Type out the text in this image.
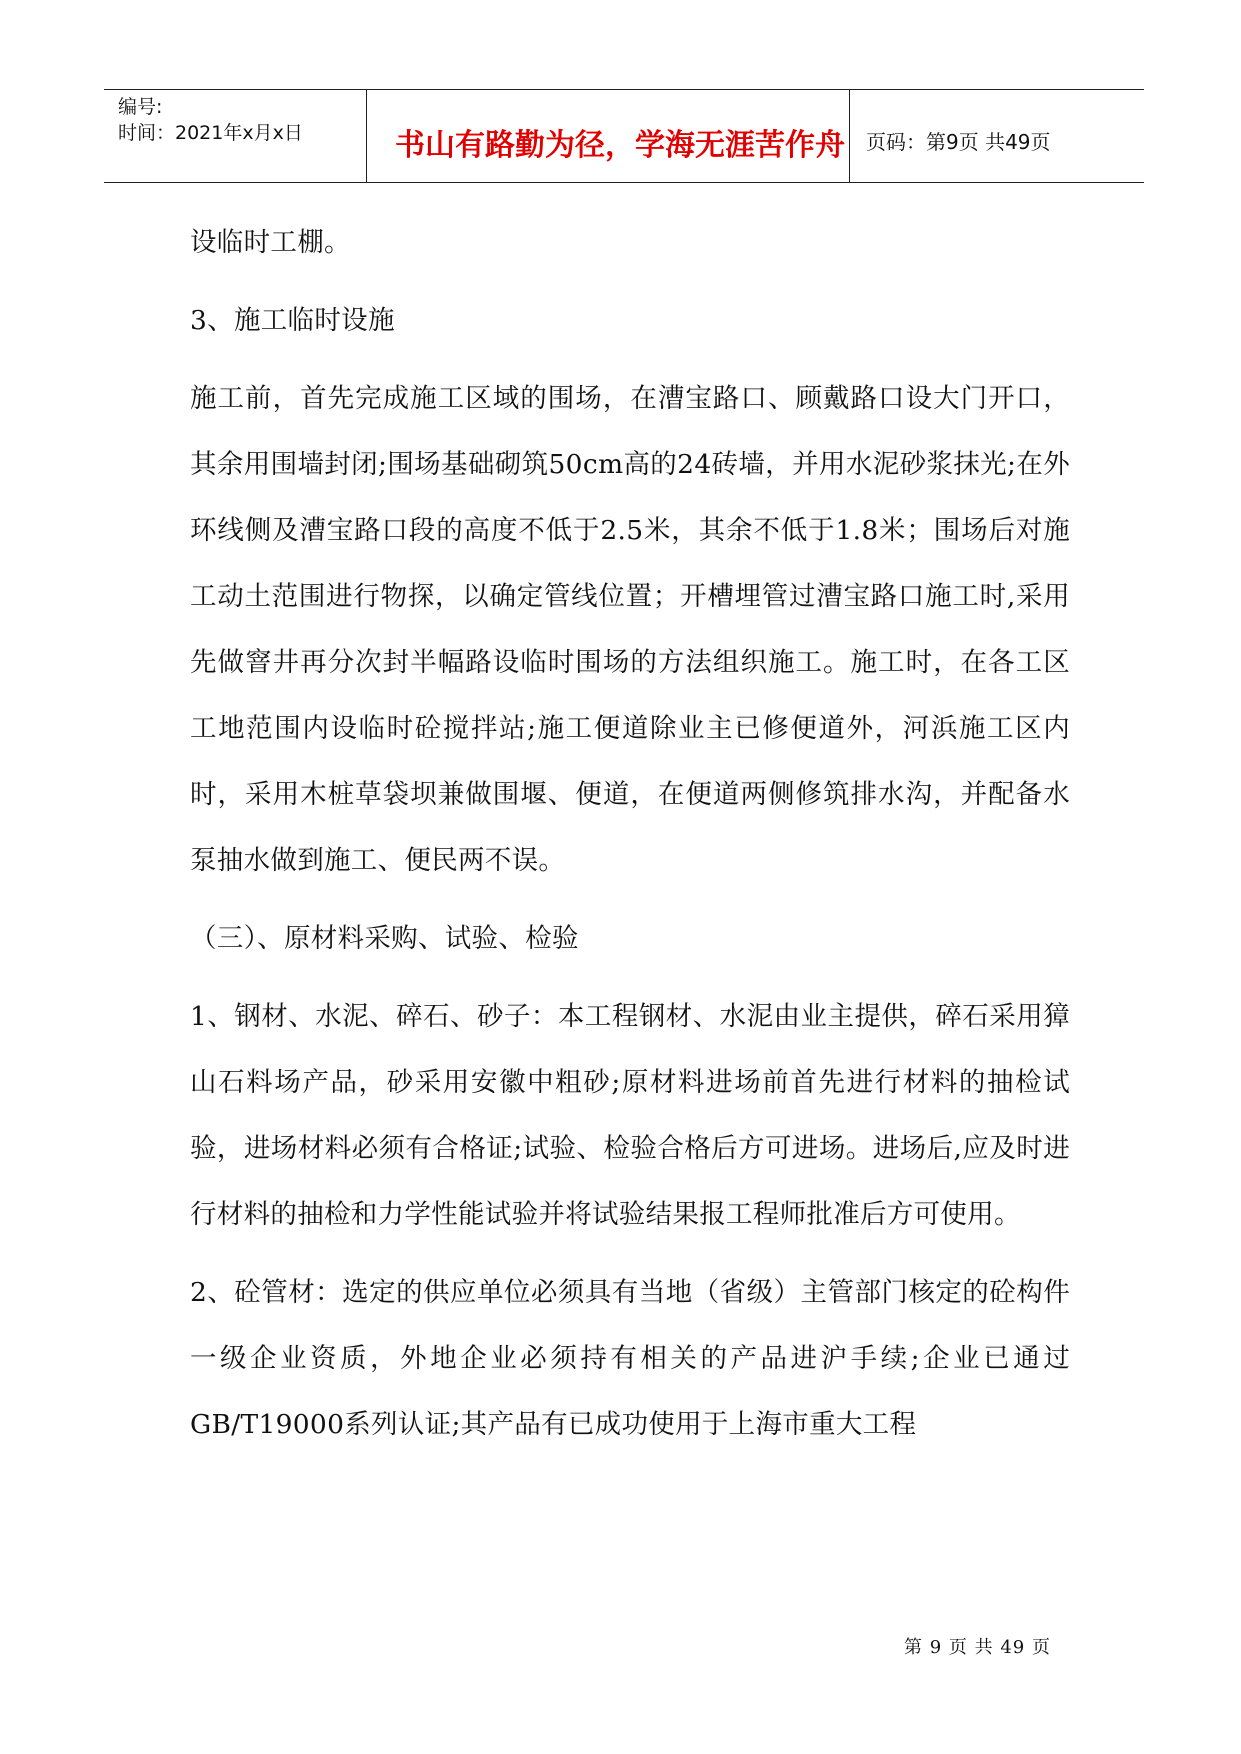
编号:
时间：2021年x月x日	书山有路勤为径，学海无涯苦作舟 页码：第9页 共49页

设临时工棚。

3、施工临时设施

施工前，首先完成施工区域的围场，在漕宝路口、顾戴路口设大门开口，其余用围墙封闭;围场基础砌筑50cm高的24砖墙，并用水泥砂浆抹光;在外环线侧及漕宝路口段的高度不低于2.5米，其余不低于1.8米；围场后对施工动土范围进行物探，以确定管线位置；开槽埋管过漕宝路口施工时,采用先做窨井再分次封半幅路设临时围场的方法组织施工。施工时，在各工区工地范围内设临时砼搅拌站;施工便道除业主已修便道外，河浜施工区内时，采用木桩草袋坝兼做围堰、便道，在便道两侧修筑排水沟，并配备水泵抽水做到施工、便民两不误。

（三）、原材料采购、试验、检验

1、钢材、水泥、碎石、砂子：本工程钢材、水泥由业主提供，碎石采用獐山石料场产品，砂采用安徽中粗砂;原材料进场前首先进行材料的抽检试验，进场材料必须有合格证;试验、检验合格后方可进场。进场后,应及时进行材料的抽检和力学性能试验并将试验结果报工程师批准后方可使用。

2、砼管材：选定的供应单位必须具有当地（省级）主管部门核定的砼构件一级企业资质，外地企业必须持有相关的产品进沪手续;企业已通过GB/T19000系列认证;其产品有已成功使用于上海市重大工程

第 9 页 共 49 页
